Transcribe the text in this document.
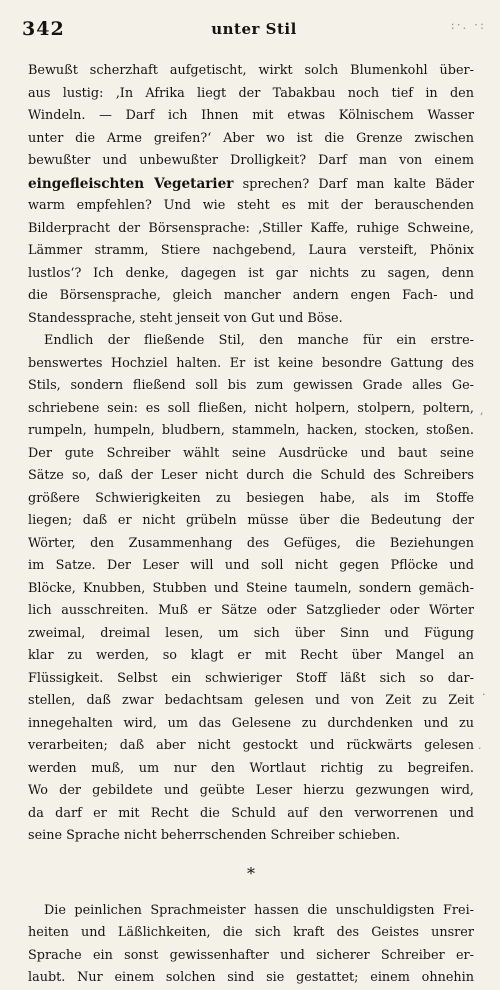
342	unter Stil	:·. ·:
Bewußt scherzhaft aufgetischt, wirkt solch Blumenkohl über-
aus lustig: ‚In Afrika liegt der Tabakbau noch tief in den
Windeln. — Darf ich Ihnen mit etwas Kölnischem Wasser
unter die Arme greifen?‘ Aber wo ist die Grenze zwischen
bewußter und unbewußter Drolligkeit? Darf man von einem
eingefleischten Vegetarier sprechen? Darf man kalte Bäder
warm empfehlen? Und wie steht es mit der berauschenden
Bilderpracht der Börsensprache: ‚Stiller Kaffe, ruhige Schweine,
Lämmer stramm, Stiere nachgebend, Laura versteift, Phönix
lustlos‘? Ich denke, dagegen ist gar nichts zu sagen, denn
die Börsensprache, gleich mancher andern engen Fach- und
Standessprache, steht jenseit von Gut und Böse.
Endlich der fließende Stil, den manche für ein erstre-
benswertes Hochziel halten. Er ist keine besondre Gattung des
Stils, sondern fließend soll bis zum gewissen Grade alles Ge-
schriebene sein: es soll fließen, nicht holpern, stolpern, poltern,
rumpeln, humpeln, bludbern, stammeln, hacken, stocken, stoßen.
Der gute Schreiber wählt seine Ausdrücke und baut seine
Sätze so, daß der Leser nicht durch die Schuld des Schreibers
größere Schwierigkeiten zu besiegen habe, als im Stoffe
liegen; daß er nicht grübeln müsse über die Bedeutung der
Wörter, den Zusammenhang des Gefüges, die Beziehungen
im Satze. Der Leser will und soll nicht gegen Pflöcke und
Blöcke, Knubben, Stubben und Steine taumeln, sondern gemäch-
lich ausschreiten. Muß er Sätze oder Satzglieder oder Wörter
zweimal, dreimal lesen, um sich über Sinn und Fügung
klar zu werden, so klagt er mit Recht über Mangel an
Flüssigkeit. Selbst ein schwieriger Stoff läßt sich so dar-
stellen, daß zwar bedachtsam gelesen und von Zeit zu Zeit
innegehalten wird, um das Gelesene zu durchdenken und zu
verarbeiten; daß aber nicht gestockt und rückwärts gelesen
werden muß, um nur den Wortlaut richtig zu begreifen.
Wo der gebildete und geübte Leser hierzu gezwungen wird,
da darf er mit Recht die Schuld auf den verworrenen und
seine Sprache nicht beherrschenden Schreiber schieben.
*
Die peinlichen Sprachmeister hassen die unschuldigsten Frei-
heiten und Läßlichkeiten, die sich kraft des Geistes unsrer
Sprache ein sonst gewissenhafter und sicherer Schreiber er-
laubt. Nur einem solchen sind sie gestattet; einem ohnehin
,
·
·
